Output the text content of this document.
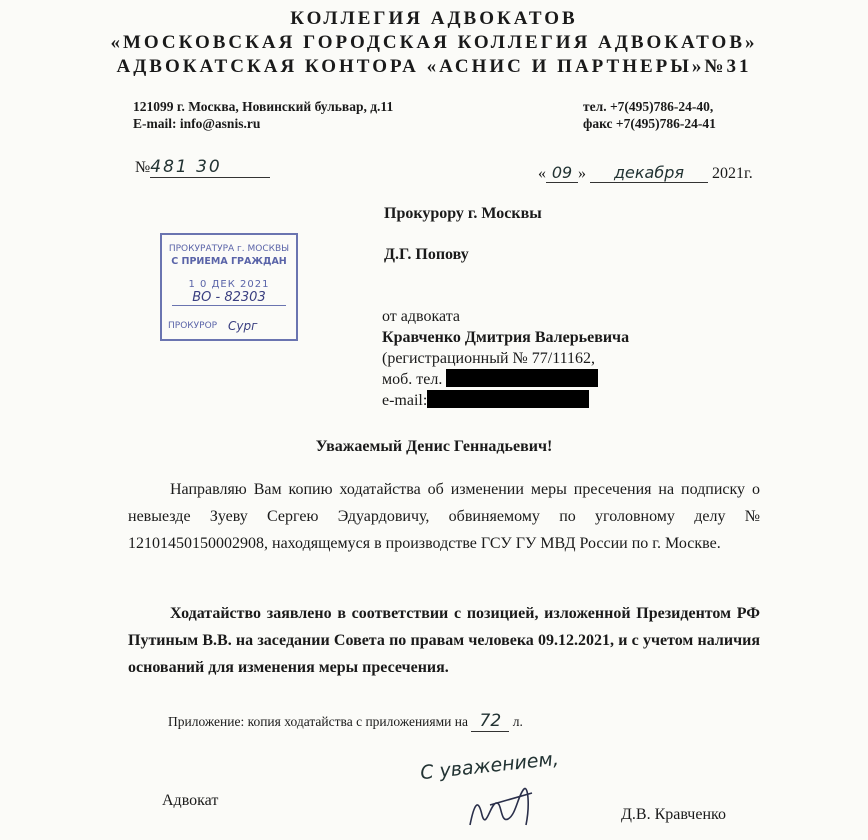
КОЛЛЕГИЯ АДВОКАТОВ
«МОСКОВСКАЯ ГОРОДСКАЯ КОЛЛЕГИЯ АДВОКАТОВ»
АДВОКАТСКАЯ КОНТОРА «АСНИС И ПАРТНЕРЫ»№31
121099 г. Москва, Новинский бульвар, д.11
E-mail: info@asnis.ru
тел. +7(495)786-24-40,
факс +7(495)786-24-41
№481 30	« 09 » декабря 2021г.
Прокурору г. Москвы
Д.Г. Попову
ПРОКУРАТУРА г. МОСКВЫ
С ПРИЕМА ГРАЖДАН
1 0 ДЕК 2021
ВО - 82303
ПРОКУРОР Сург
от адвоката
Кравченко Дмитрия Валерьевича
(регистрационный № 77/11162,
моб. тел.
e-mail:
Уважаемый Денис Геннадьевич!
Направляю Вам копию ходатайства об изменении меры пресечения на подписку о невыезде Зуеву Сергею Эдуардовичу, обвиняемому по уголовному делу № 12101450150002908, находящемуся в производстве ГСУ ГУ МВД России по г. Москве.
Ходатайство заявлено в соответствии с позицией, изложенной Президентом РФ Путиным В.В. на заседании Совета по правам человека 09.12.2021, и с учетом наличия оснований для изменения меры пресечения.
Приложение: копия ходатайства с приложениями на 72 л.
С уважением,
Адвокат
Д.В. Кравченко
